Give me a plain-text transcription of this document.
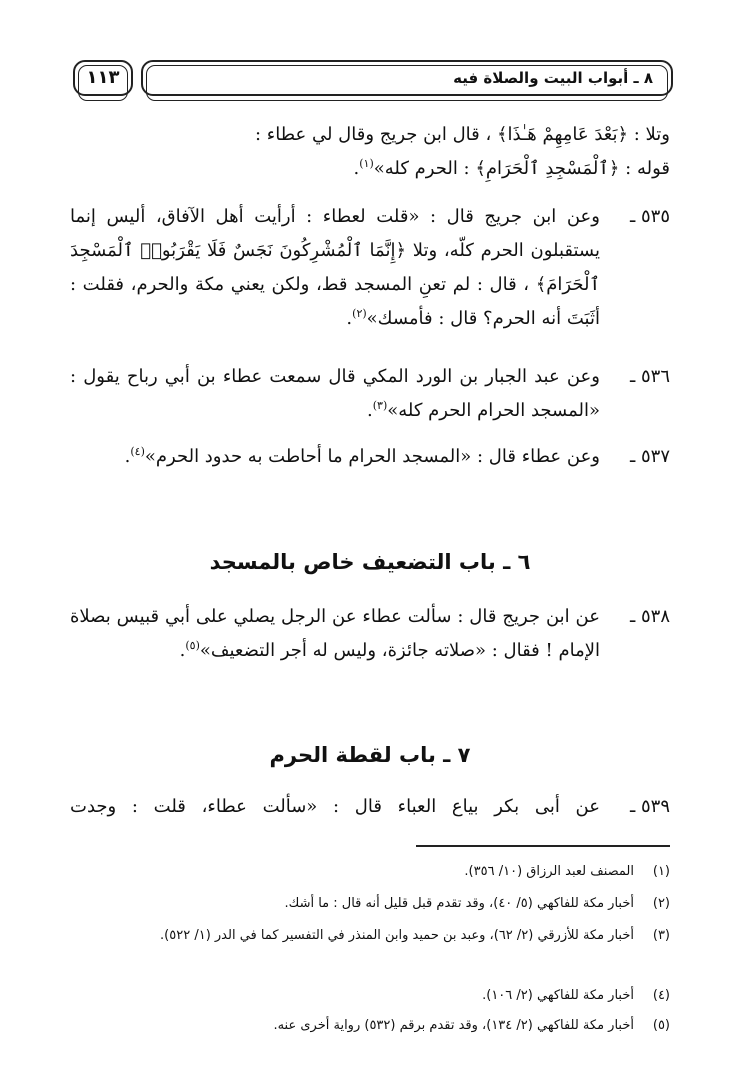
٨ ـ أبواب البيت والصلاة فيه
١١٣
وتلا : ﴿بَعْدَ عَامِهِمْ هَـٰذَا﴾ ، قال ابن جريج وقال لي عطاء :
قوله : ﴿ٱلْمَسْجِدِ ٱلْحَرَامِ﴾ : الحرم كله»$^{(١)}$.
٥٣٥ ـ
وعن ابن جريج قال : «قلت لعطاء : أرأيت أهل الآفاق، أليس إنما يستقبلون الحرم كلّه، وتلا ﴿إِنَّمَا ٱلْمُشْرِكُونَ نَجَسٌ فَلَا يَقْرَبُوا۟ ٱلْمَسْجِدَ ٱلْحَرَامَ﴾ ، قال : لم تعنِ المسجد قط، ولكن يعني مكة والحرم، فقلت : أثَبَتَ أنه الحرم؟ قال : فأمسك»$^{(٢)}$.
٥٣٦ ـ
وعن عبد الجبار بن الورد المكي قال سمعت عطاء بن أبي رباح يقول : «المسجد الحرام الحرم كله»$^{(٣)}$.
٥٣٧ ـ
وعن عطاء قال : «المسجد الحرام ما أحاطت به حدود الحرم»$^{(٤)}$.
٦ ـ باب التضعيف خاص بالمسجد
٥٣٨ ـ
عن ابن جريج قال : سألت عطاء عن الرجل يصلي على أبي قبيس بصلاة الإمام ! فقال : «صلاته جائزة، وليس له أجر التضعيف»$^{(٥)}$.
٧ ـ باب لقطة الحرم
٥٣٩ ـ
عن أبى بكر بياع العباء قال : «سألت عطاء، قلت : وجدت
(١)
المصنف لعبد الرزاق (١٠/ ٣٥٦).
(٢)
أخبار مكة للفاكهي (٥/ ٤٠)، وقد تقدم قبل قليل أنه قال : ما أشك.
(٣)
أخبار مكة للأزرقي (٢/ ٦٢)، وعبد بن حميد وابن المنذر في التفسير كما في الدر (١/ ٥٢٢).
(٤)
أخبار مكة للفاكهي (٢/ ١٠٦).
(٥)
أخبار مكة للفاكهي (٢/ ١٣٤)، وقد تقدم برقم (٥٣٢) رواية أخرى عنه.
